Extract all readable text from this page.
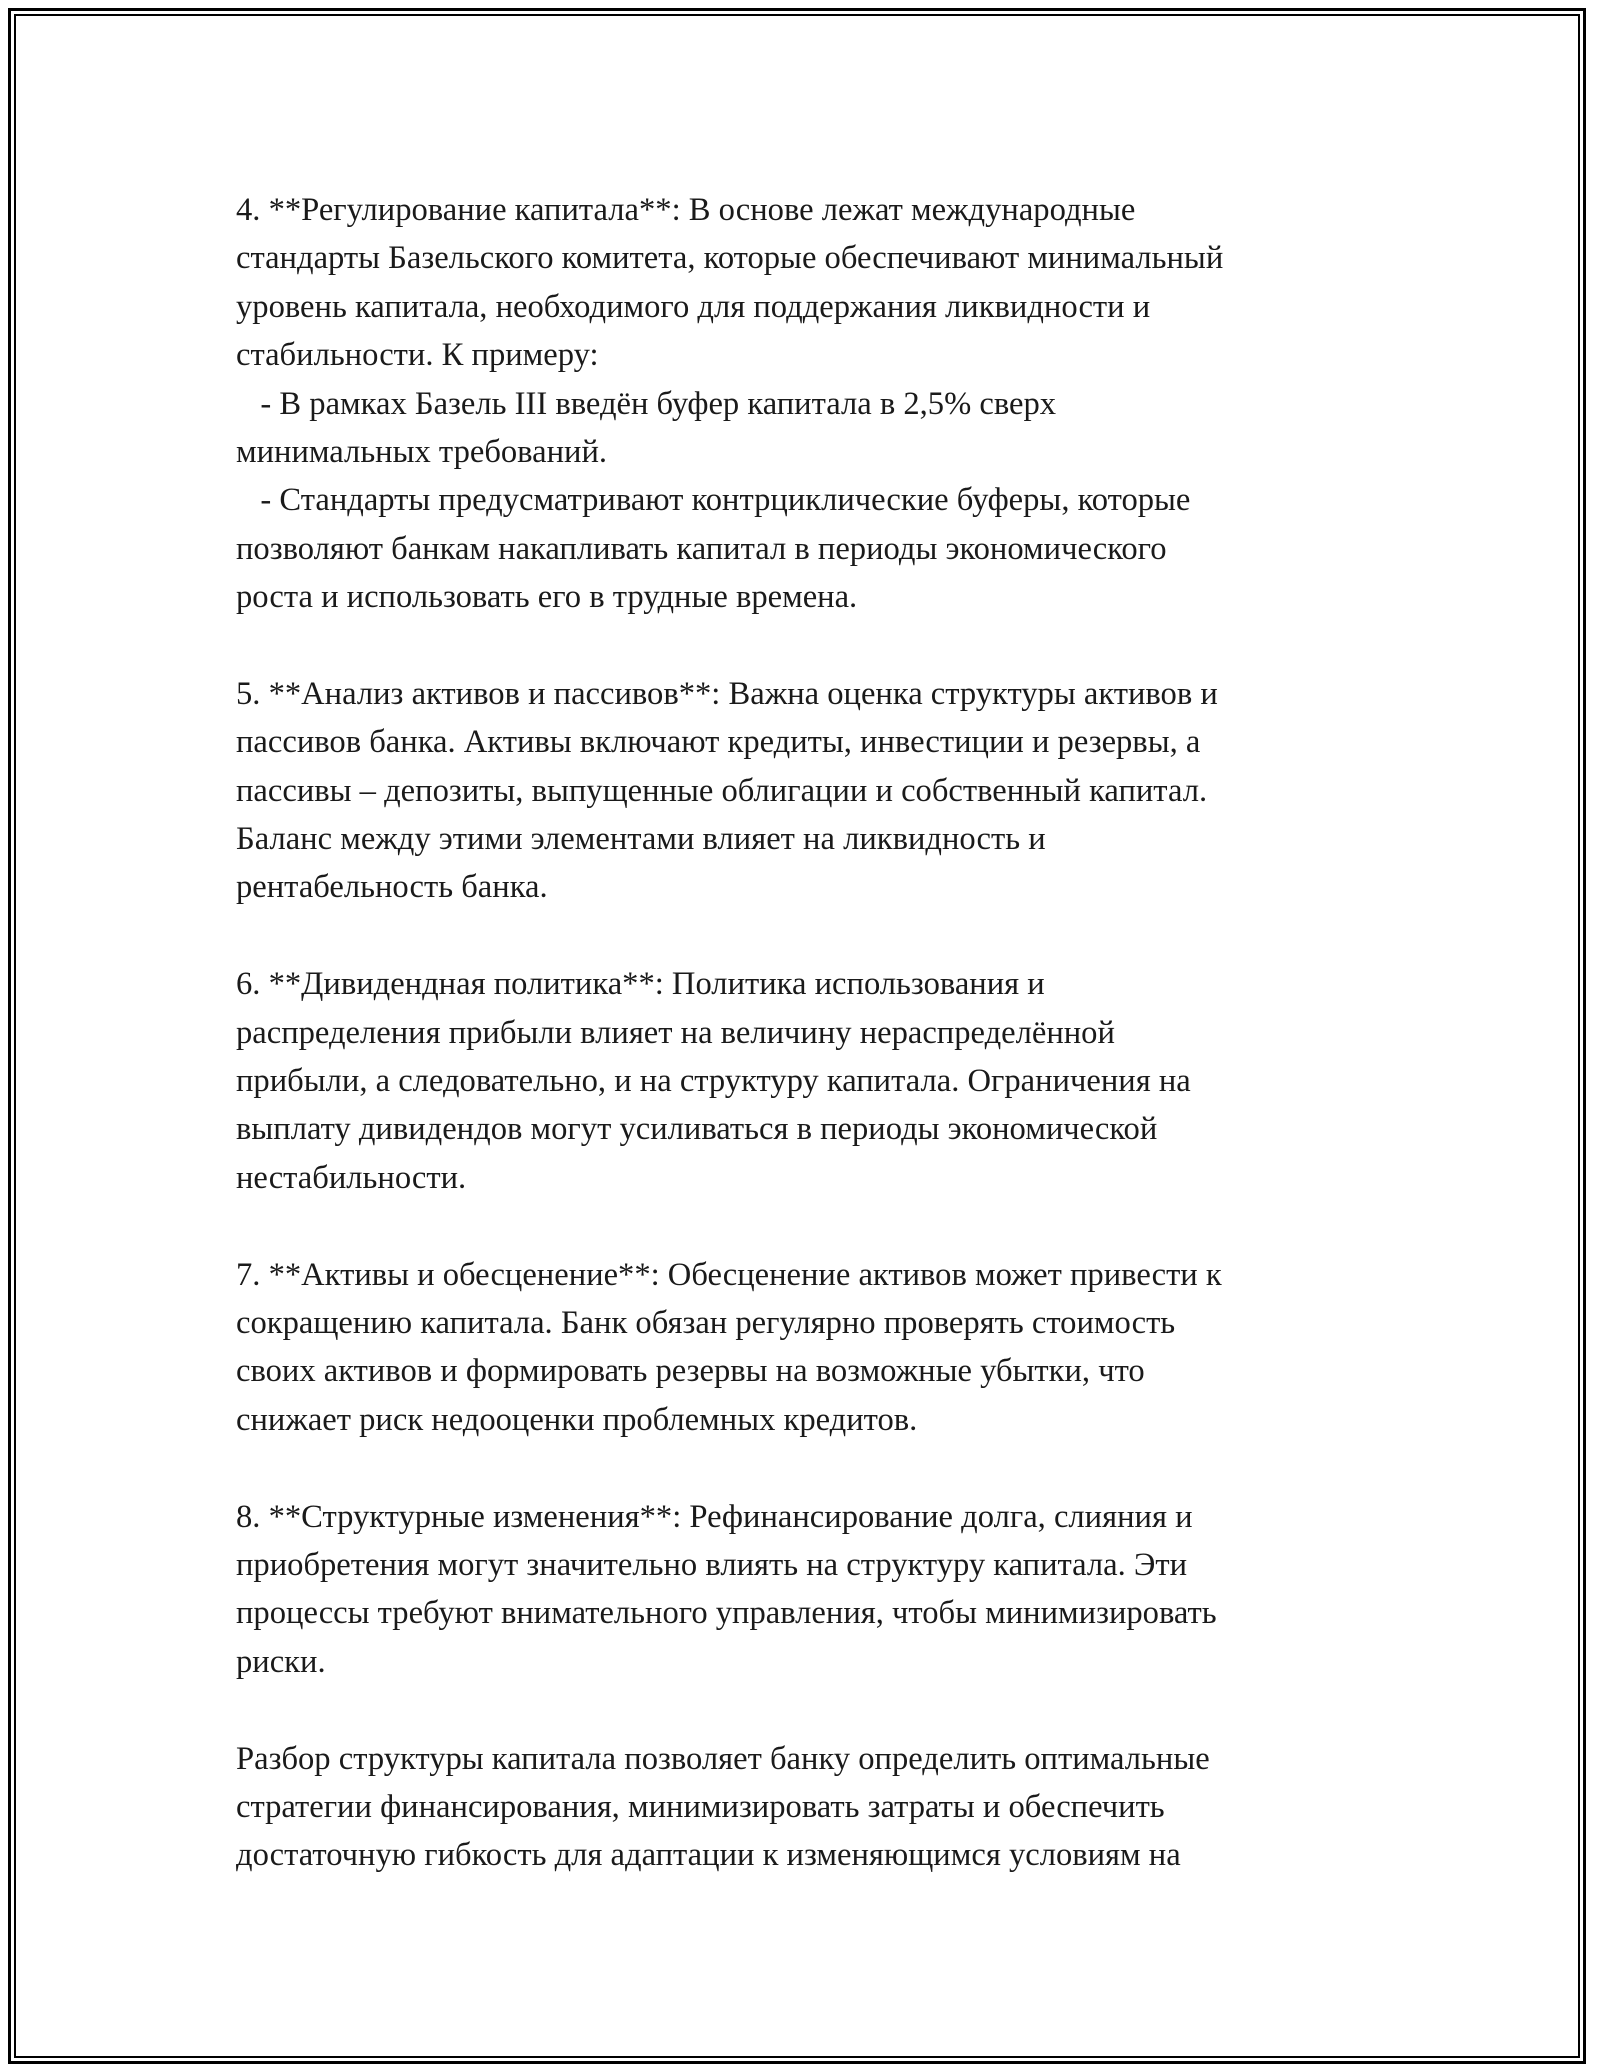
4. **Регулирование капитала**: В основе лежат международные
стандарты Базельского комитета, которые обеспечивают минимальный
уровень капитала, необходимого для поддержания ликвидности и
стабильности. К примеру:
- В рамках Базель III введён буфер капитала в 2,5% сверх
минимальных требований.
- Стандарты предусматривают контрциклические буферы, которые
позволяют банкам накапливать капитал в периоды экономического
роста и использовать его в трудные времена.
5. **Анализ активов и пассивов**: Важна оценка структуры активов и
пассивов банка. Активы включают кредиты, инвестиции и резервы, а
пассивы – депозиты, выпущенные облигации и собственный капитал.
Баланс между этими элементами влияет на ликвидность и
рентабельность банка.
6. **Дивидендная политика**: Политика использования и
распределения прибыли влияет на величину нераспределённой
прибыли, а следовательно, и на структуру капитала. Ограничения на
выплату дивидендов могут усиливаться в периоды экономической
нестабильности.
7. **Активы и обесценение**: Обесценение активов может привести к
сокращению капитала. Банк обязан регулярно проверять стоимость
своих активов и формировать резервы на возможные убытки, что
снижает риск недооценки проблемных кредитов.
8. **Структурные изменения**: Рефинансирование долга, слияния и
приобретения могут значительно влиять на структуру капитала. Эти
процессы требуют внимательного управления, чтобы минимизировать
риски.
Разбор структуры капитала позволяет банку определить оптимальные
стратегии финансирования, минимизировать затраты и обеспечить
достаточную гибкость для адаптации к изменяющимся условиям на
